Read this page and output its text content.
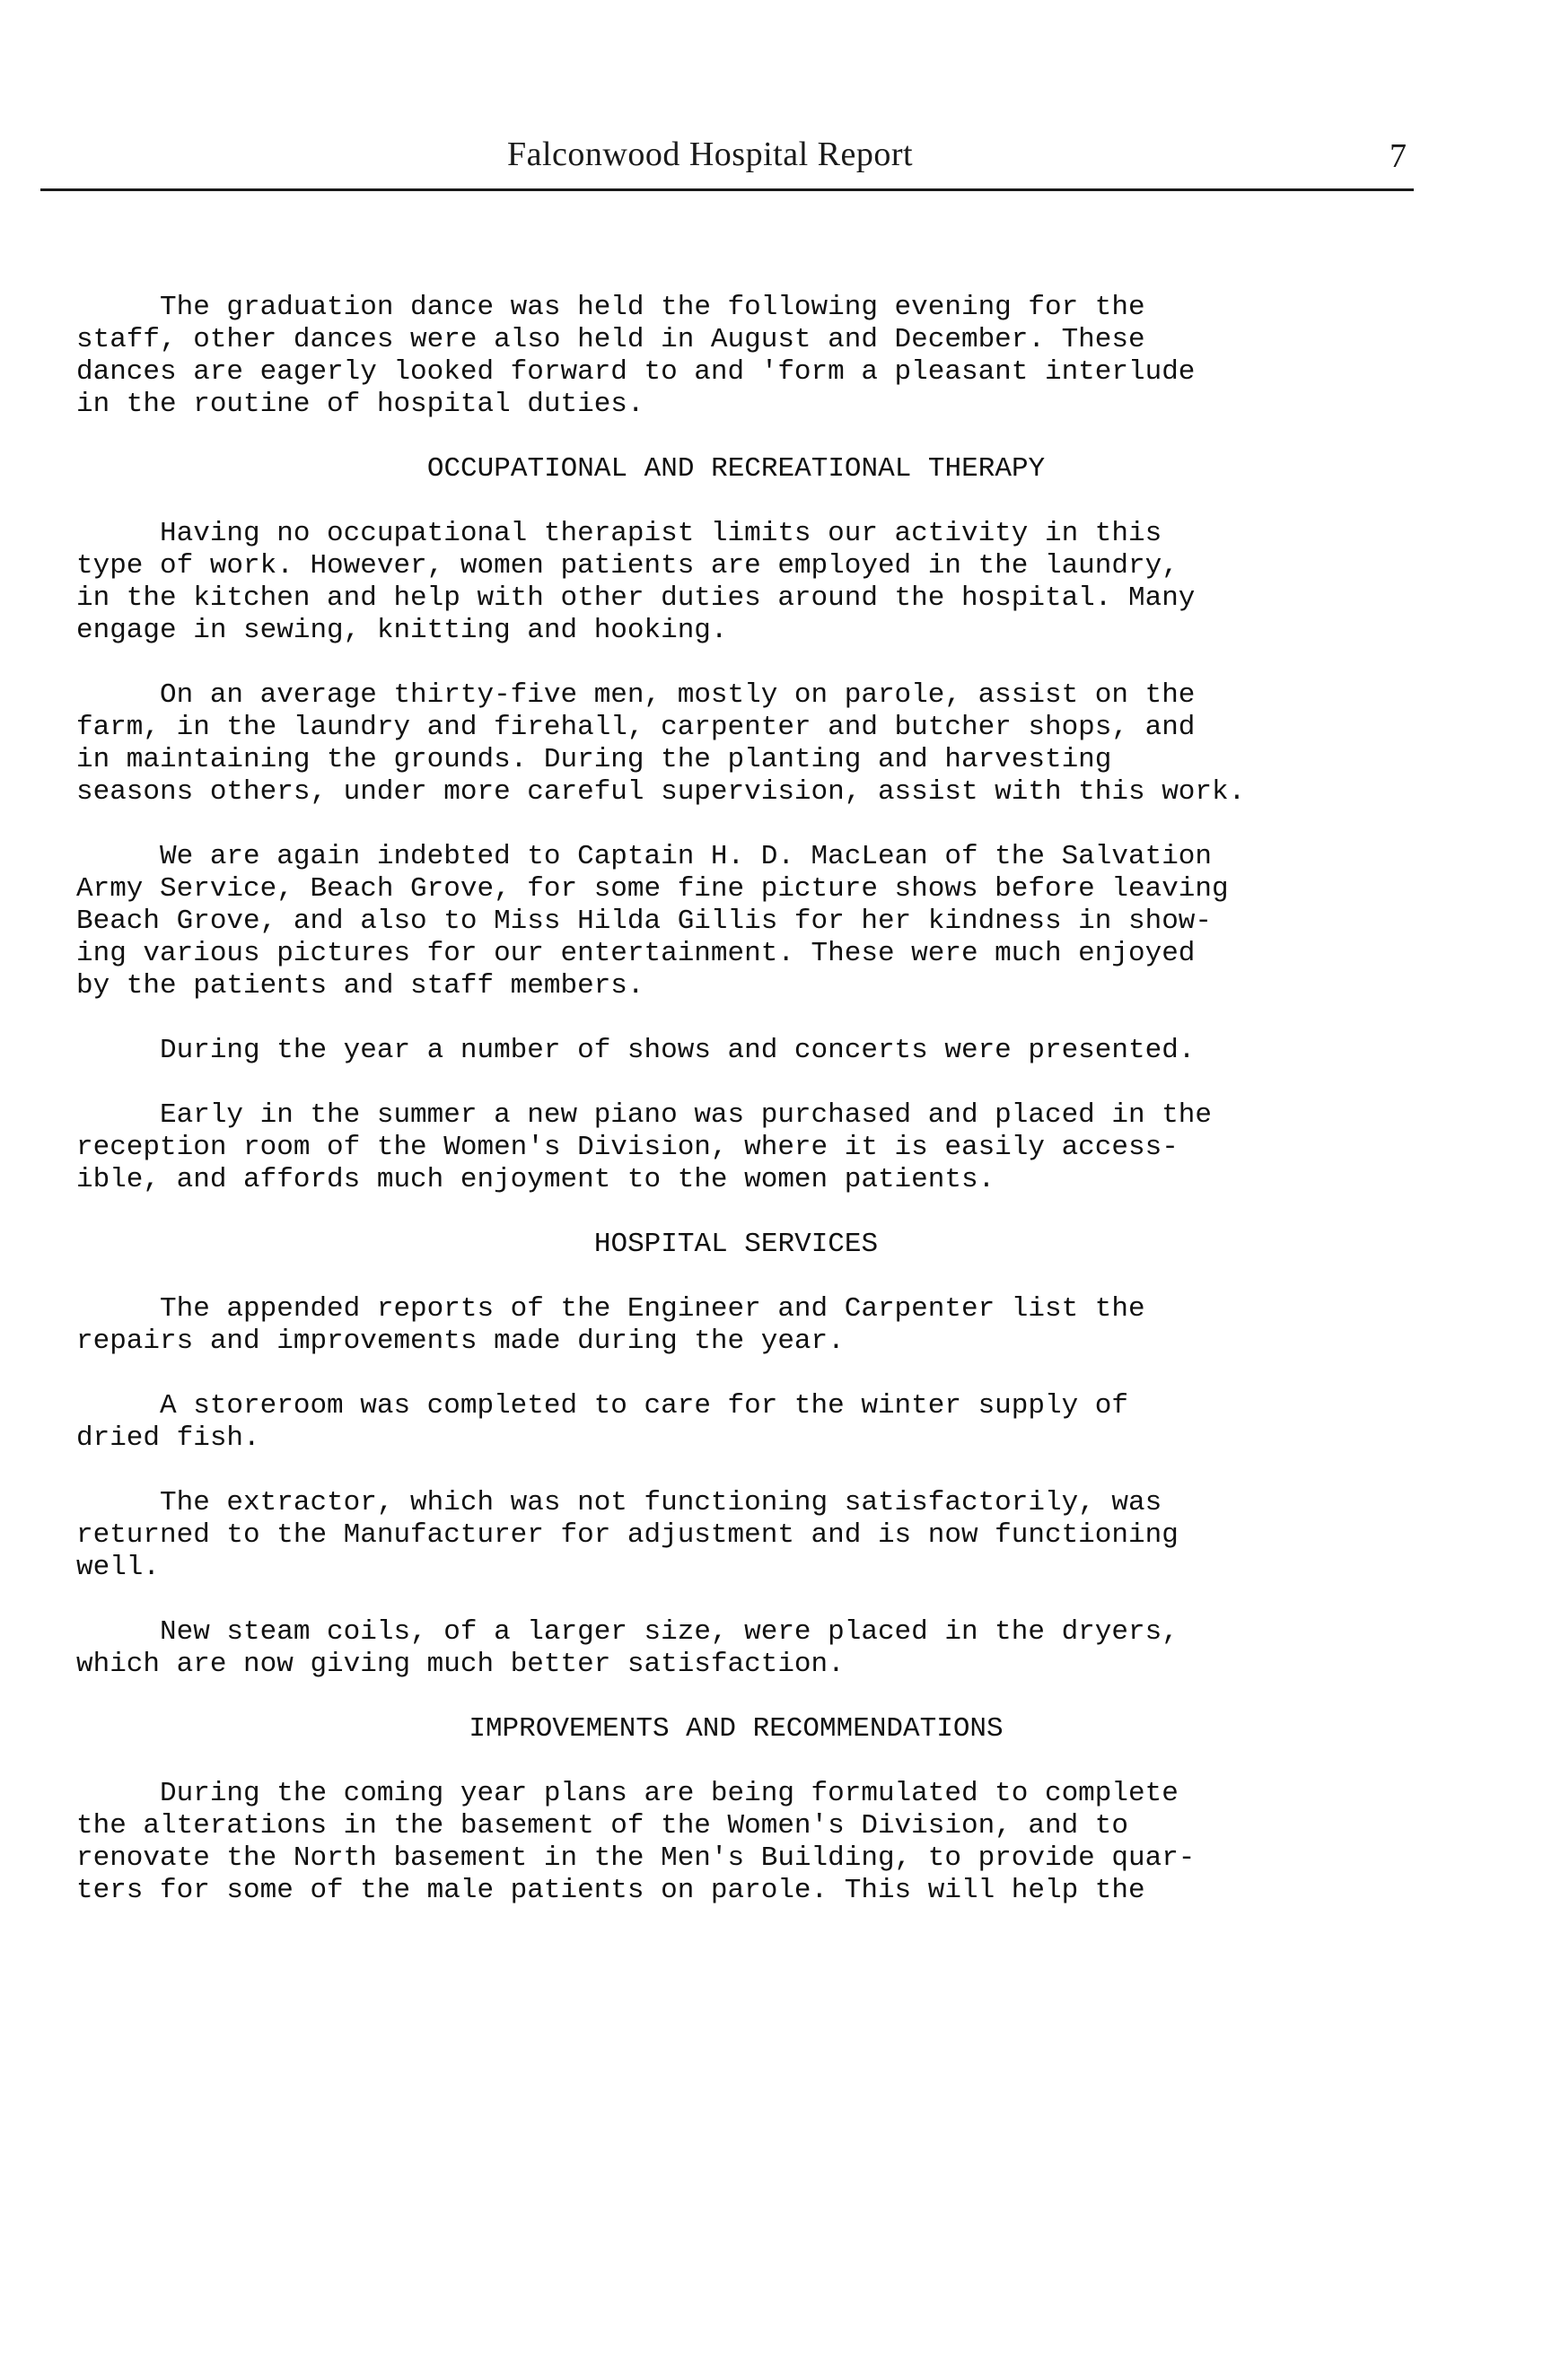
Falconwood Hospital Report	7

The graduation dance was held the following evening for the
staff, other dances were also held in August and December. These
dances are eagerly looked forward to and 'form a pleasant interlude
in the routine of hospital duties.

OCCUPATIONAL AND RECREATIONAL THERAPY

Having no occupational therapist limits our activity in this
type of work. However, women patients are employed in the laundry,
in the kitchen and help with other duties around the hospital. Many
engage in sewing, knitting and hooking.

On an average thirty-five men, mostly on parole, assist on the
farm, in the laundry and firehall, carpenter and butcher shops, and
in maintaining the grounds. During the planting and harvesting
seasons others, under more careful supervision, assist with this work.

We are again indebted to Captain H. D. MacLean of the Salvation
Army Service, Beach Grove, for some fine picture shows before leaving
Beach Grove, and also to Miss Hilda Gillis for her kindness in show-
ing various pictures for our entertainment. These were much enjoyed
by the patients and staff members.

During the year a number of shows and concerts were presented.

Early in the summer a new piano was purchased and placed in the
reception room of the Women's Division, where it is easily access-
ible, and affords much enjoyment to the women patients.

HOSPITAL SERVICES

The appended reports of the Engineer and Carpenter list the
repairs and improvements made during the year.

A storeroom was completed to care for the winter supply of
dried fish.

The extractor, which was not functioning satisfactorily, was
returned to the Manufacturer for adjustment and is now functioning
well.

New steam coils, of a larger size, were placed in the dryers,
which are now giving much better satisfaction.

IMPROVEMENTS AND RECOMMENDATIONS

During the coming year plans are being formulated to complete
the alterations in the basement of the Women's Division, and to
renovate the North basement in the Men's Building, to provide quar-
ters for some of the male patients on parole. This will help the
